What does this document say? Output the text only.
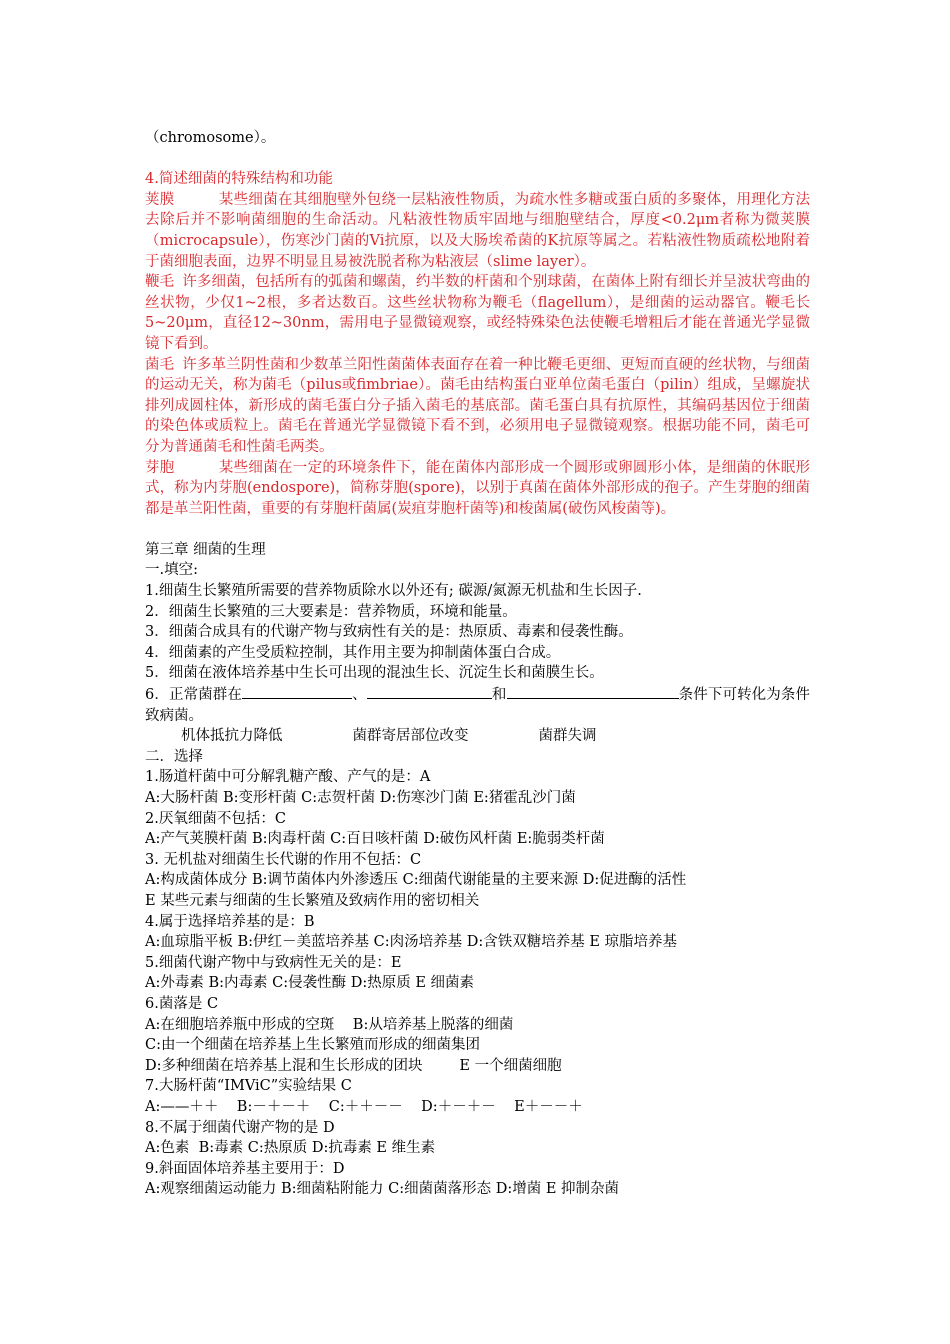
（chromosome）。

4.简述细菌的特殊结构和功能

荚膜	某些细菌在其细胞壁外包绕一层粘液性物质，为疏水性多糖或蛋白质的多聚体，用理化方法去除后并不影响菌细胞的生命活动。凡粘液性物质牢固地与细胞壁结合，厚度<0.2μm者称为微荚膜（microcapsule），伤寒沙门菌的Vi抗原，以及大肠埃希菌的K抗原等属之。若粘液性物质疏松地附着于菌细胞表面，边界不明显且易被洗脱者称为粘液层（slime layer）。

鞭毛 许多细菌，包括所有的弧菌和螺菌，约半数的杆菌和个别球菌，在菌体上附有细长并呈波状弯曲的丝状物，少仅1~2根，多者达数百。这些丝状物称为鞭毛（flagellum），是细菌的运动器官。鞭毛长5~20μm，直径12~30nm，需用电子显微镜观察，或经特殊染色法使鞭毛增粗后才能在普通光学显微镜下看到。

菌毛 许多革兰阴性菌和少数革兰阳性菌菌体表面存在着一种比鞭毛更细、更短而直硬的丝状物，与细菌的运动无关，称为菌毛（pilus或fimbriae）。菌毛由结构蛋白亚单位菌毛蛋白（pilin）组成，呈螺旋状排列成圆柱体，新形成的菌毛蛋白分子插入菌毛的基底部。菌毛蛋白具有抗原性，其编码基因位于细菌的染色体或质粒上。菌毛在普通光学显微镜下看不到，必须用电子显微镜观察。根据功能不同，菌毛可分为普通菌毛和性菌毛两类。

芽胞	某些细菌在一定的环境条件下，能在菌体内部形成一个圆形或卵圆形小体，是细菌的休眠形式，称为内芽胞(endospore)，简称芽胞(spore)，以别于真菌在菌体外部形成的孢子。产生芽胞的细菌都是革兰阳性菌，重要的有芽胞杆菌属(炭疽芽胞杆菌等)和梭菌属(破伤风梭菌等)。

第三章 细菌的生理

一.填空:

1.细菌生长繁殖所需要的营养物质除水以外还有; 碳源/氮源无机盐和生长因子.

2．细菌生长繁殖的三大要素是：营养物质，环境和能量。

3．细菌合成具有的代谢产物与致病性有关的是：热原质、毒素和侵袭性酶。

4．细菌素的产生受质粒控制，其作用主要为抑制菌体蛋白合成。

5．细菌在液体培养基中生长可出现的混浊生长、沉淀生长和菌膜生长。

6．正常菌群在	、	和	条件下可转化为条件致病菌。

机体抵抗力降低	菌群寄居部位改变	菌群失调

二．选择

1.肠道杆菌中可分解乳糖产酸、产气的是：A

A:大肠杆菌 B:变形杆菌 C:志贺杆菌 D:伤寒沙门菌 E:猪霍乱沙门菌

2.厌氧细菌不包括：C

A:产气荚膜杆菌 B:肉毒杆菌 C:百日咳杆菌 D:破伤风杆菌 E:脆弱类杆菌

3. 无机盐对细菌生长代谢的作用不包括：C

A:构成菌体成分 B:调节菌体内外渗透压 C:细菌代谢能量的主要来源 D:促进酶的活性

E 某些元素与细菌的生长繁殖及致病作用的密切相关

4.属于选择培养基的是：B

A:血琼脂平板 B:伊红－美蓝培养基 C:肉汤培养基 D:含铁双糖培养基 E 琼脂培养基

5.细菌代谢产物中与致病性无关的是：E

A:外毒素 B:内毒素 C:侵袭性酶 D:热原质 E 细菌素

6.菌落是 C

A:在细胞培养瓶中形成的空斑    B:从培养基上脱落的细菌

C:由一个细菌在培养基上生长繁殖而形成的细菌集团

D:多种细菌在培养基上混和生长形成的团块        E 一个细菌细胞

7.大肠杆菌“IMViC”实验结果 C

A:——＋＋    B:－＋－＋    C:＋＋－－    D:＋－＋－    E＋－－＋

8.不属于细菌代谢产物的是 D

A:色素  B:毒素 C:热原质 D:抗毒素 E 维生素

9.斜面固体培养基主要用于：D

A:观察细菌运动能力 B:细菌粘附能力 C:细菌菌落形态 D:增菌 E 抑制杂菌
